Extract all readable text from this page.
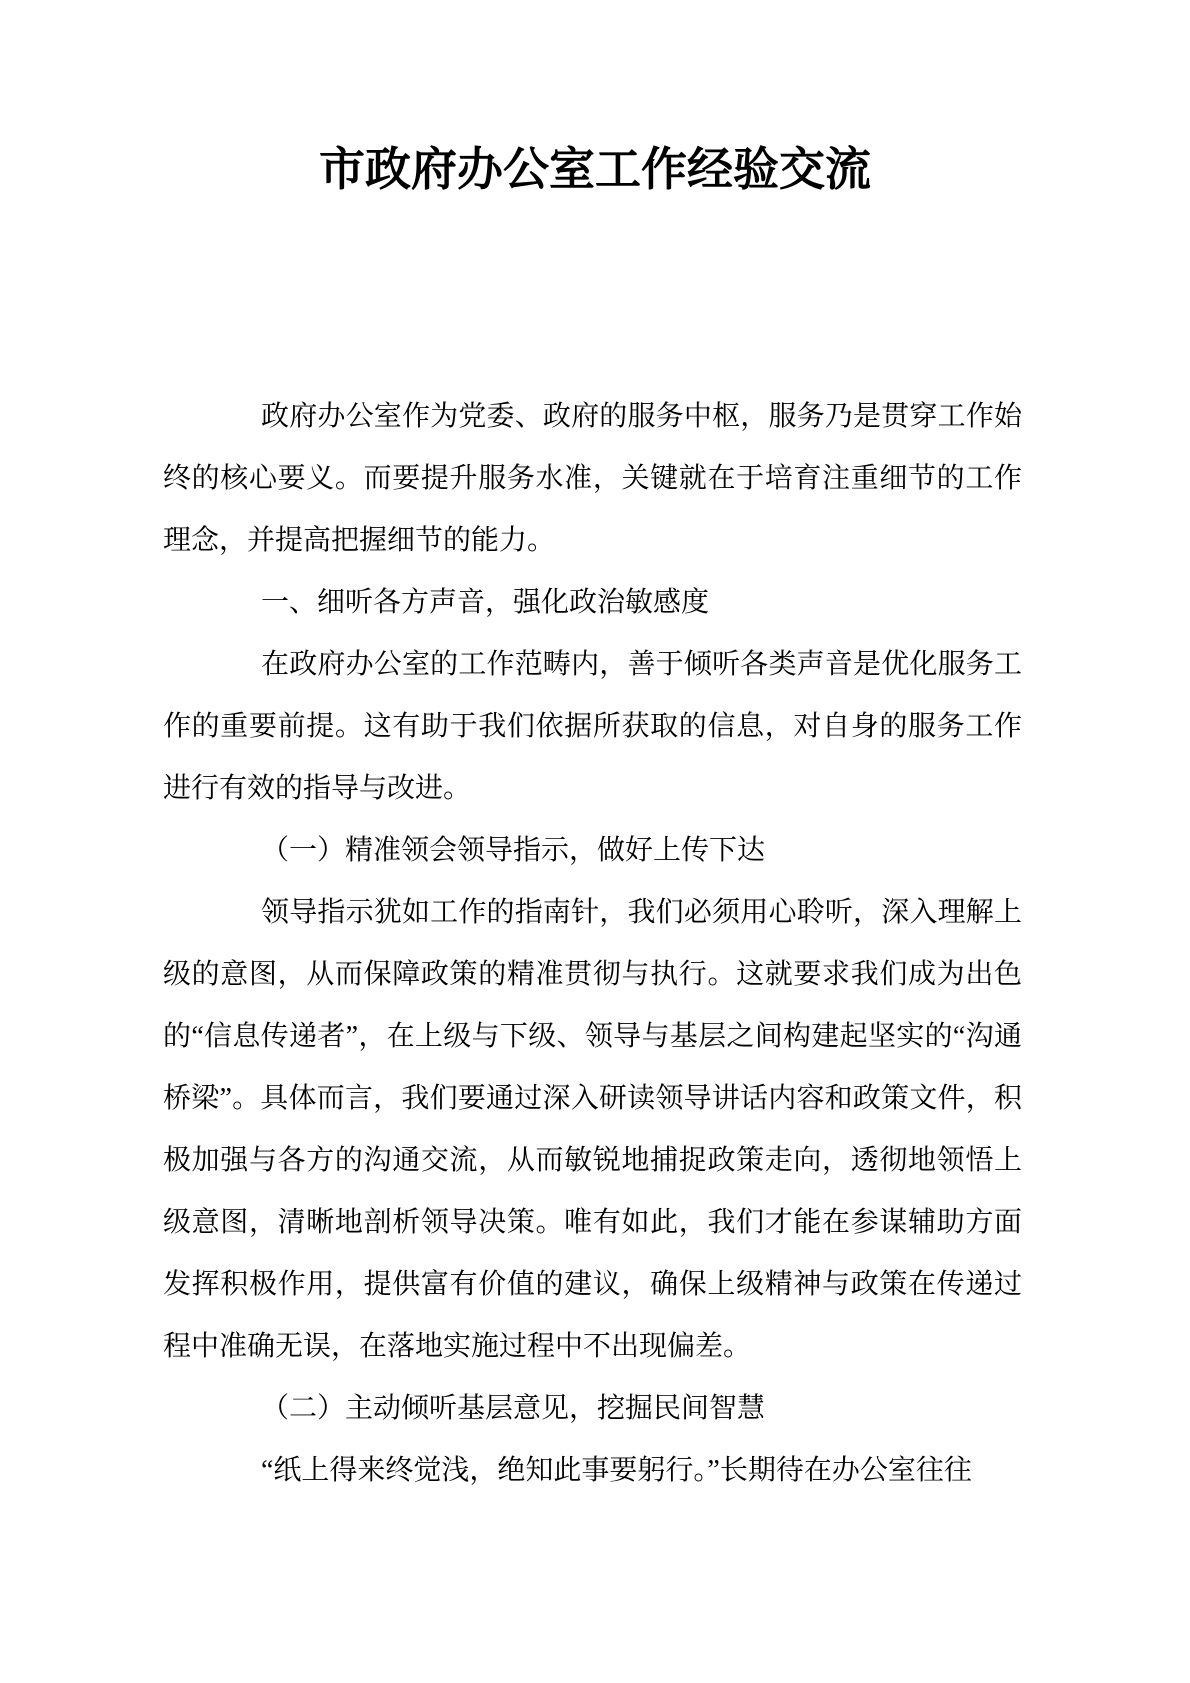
市政府办公室工作经验交流

政府办公室作为党委、政府的服务中枢，服务乃是贯穿工作始终的核心要义。而要提升服务水准，关键就在于培育注重细节的工作理念，并提高把握细节的能力。

一、细听各方声音，强化政治敏感度

在政府办公室的工作范畴内，善于倾听各类声音是优化服务工作的重要前提。这有助于我们依据所获取的信息，对自身的服务工作进行有效的指导与改进。

（一）精准领会领导指示，做好上传下达

领导指示犹如工作的指南针，我们必须用心聆听，深入理解上级的意图，从而保障政策的精准贯彻与执行。这就要求我们成为出色的“信息传递者”，在上级与下级、领导与基层之间构建起坚实的“沟通桥梁”。具体而言，我们要通过深入研读领导讲话内容和政策文件，积极加强与各方的沟通交流，从而敏锐地捕捉政策走向，透彻地领悟上级意图，清晰地剖析领导决策。唯有如此，我们才能在参谋辅助方面发挥积极作用，提供富有价值的建议，确保上级精神与政策在传递过程中准确无误，在落地实施过程中不出现偏差。

（二）主动倾听基层意见，挖掘民间智慧

“纸上得来终觉浅，绝知此事要躬行。”长期待在办公室往往
